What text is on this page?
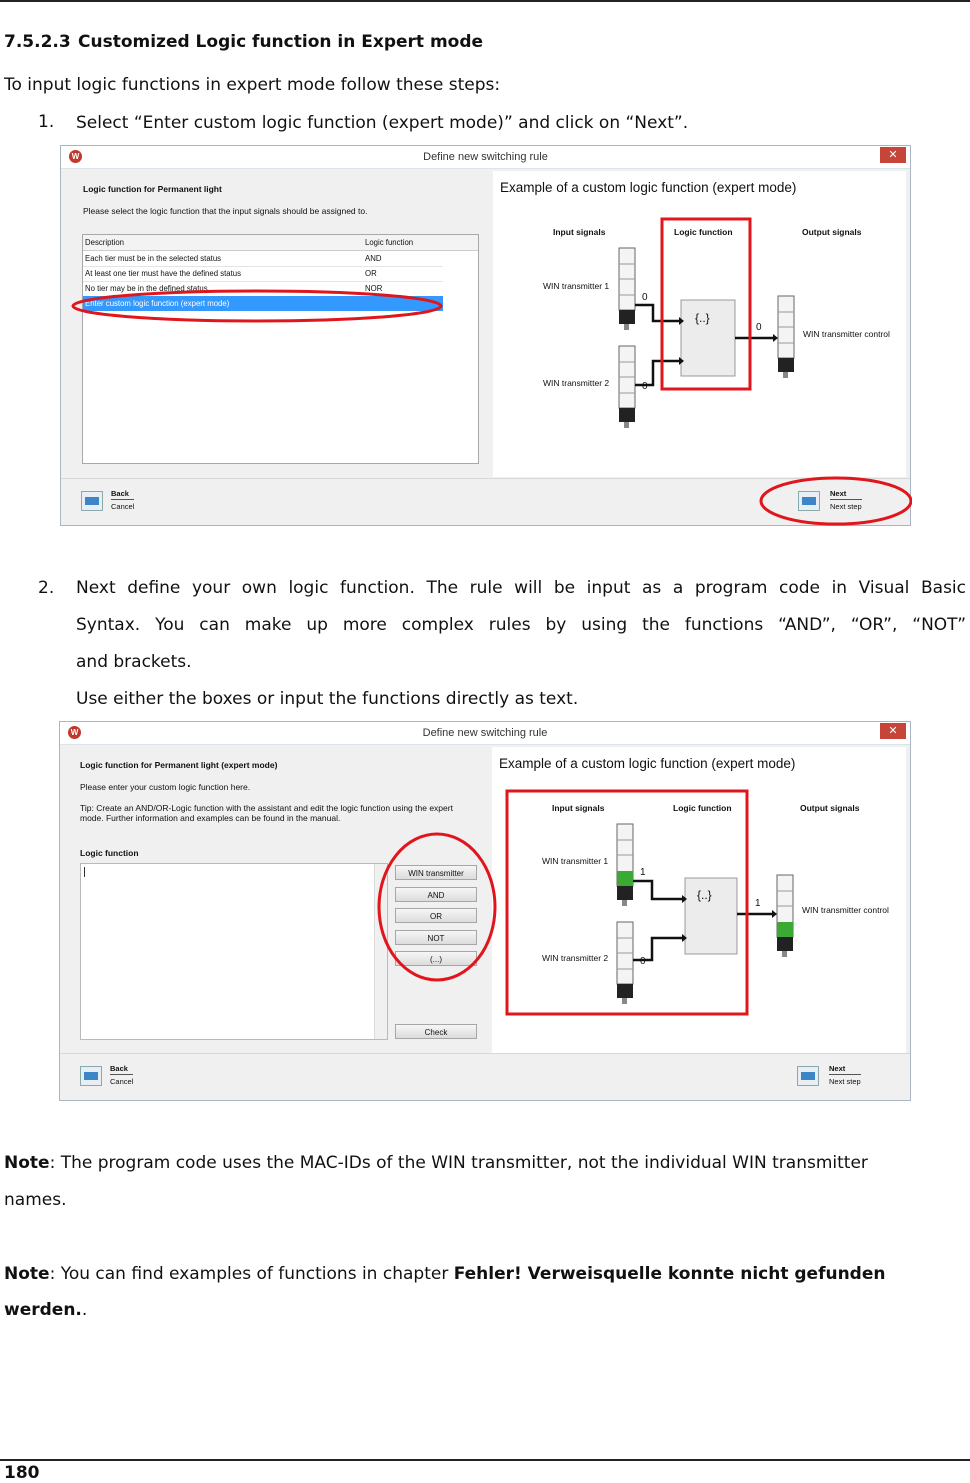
7.5.2.3 Customized Logic function in Expert mode
To input logic functions in expert mode follow these steps:
1. Select “Enter custom logic function (expert mode)” and click on “Next”.
W	Define new switching rule	✕
Logic function for Permanent light
Please select the logic function that the input signals should be assigned to.
Description	Logic function
Each tier must be in the selected status	AND
At least one tier must have the defined status	OR
No tier may be in the defined status	NOR
Enter custom logic function (expert mode)
Example of a custom logic function (expert mode)
Input signals	Logic function	Output signals
WIN transmitter 1
WIN transmitter 2
WIN transmitter control
0
0
0
{..}
Back
Cancel
Next
Next step
2. Next define your own logic function. The rule will be input as a program code in Visual Basic
Syntax. You can make up more complex rules by using the functions “AND”, “OR”, “NOT”
and brackets.
Use either the boxes or input the functions directly as text.
W	Define new switching rule	✕
Logic function for Permanent light (expert mode)
Please enter your custom logic function here.
Tip: Create an AND/OR-Logic function with the assistant and edit the logic function using the expert
mode. Further information and examples can be found in the manual.
Logic function
WIN transmitter
AND
OR
NOT
(...)
Check
Example of a custom logic function (expert mode)
Input signals	Logic function	Output signals
WIN transmitter 1
WIN transmitter 2
WIN transmitter control
1
0
1
{..}
Back
Cancel
Next
Next step
Note: The program code uses the MAC-IDs of the WIN transmitter, not the individual WIN transmitter
names.
Note: You can find examples of functions in chapter Fehler! Verweisquelle konnte nicht gefunden
werden..
180
